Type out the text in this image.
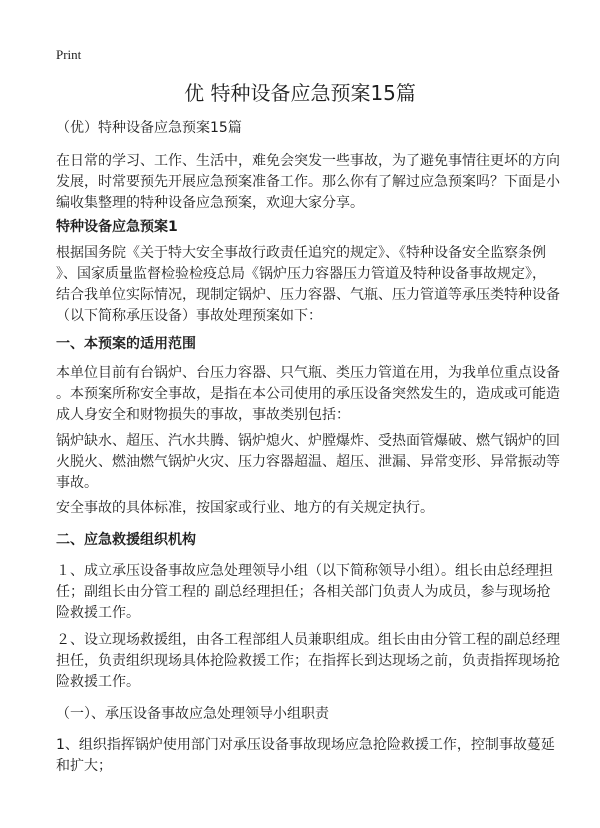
Print
优 特种设备应急预案15篇
（优）特种设备应急预案15篇
在日常的学习、工作、生活中，难免会突发一些事故，为了避免事情往更坏的方向
发展，时常要预先开展应急预案准备工作。那么你有了解过应急预案吗？下面是小
编收集整理的特种设备应急预案，欢迎大家分享。
特种设备应急预案1
根据国务院《关于特大安全事故行政责任追究的规定》、《特种设备安全监察条例
》、国家质量监督检验检疫总局《锅炉压力容器压力管道及特种设备事故规定》，
结合我单位实际情况，现制定锅炉、压力容器、气瓶、压力管道等承压类特种设备
（以下简称承压设备）事故处理预案如下：
一、本预案的适用范围
本单位目前有台锅炉、台压力容器、只气瓶、类压力管道在用，为我单位重点设备
。本预案所称安全事故，是指在本公司使用的承压设备突然发生的，造成或可能造
成人身安全和财物损失的事故，事故类别包括：
锅炉缺水、超压、汽水共腾、锅炉熄火、炉膛爆炸、受热面管爆破、燃气锅炉的回
火脱火、燃油燃气锅炉火灾、压力容器超温、超压、泄漏、异常变形、异常振动等
事故。
安全事故的具体标准，按国家或行业、地方的有关规定执行。
二、应急救援组织机构
１、成立承压设备事故应急处理领导小组（以下简称领导小组）。组长由总经理担
任；副组长由分管工程的 副总经理担任；各相关部门负责人为成员，参与现场抢
险救援工作。
２、设立现场救援组，由各工程部组人员兼职组成。组长由由分管工程的副总经理
担任，负责组织现场具体抢险救援工作；在指挥长到达现场之前，负责指挥现场抢
险救援工作。
（一）、承压设备事故应急处理领导小组职责
1、组织指挥锅炉使用部门对承压设备事故现场应急抢险救援工作，控制事故蔓延
和扩大；
